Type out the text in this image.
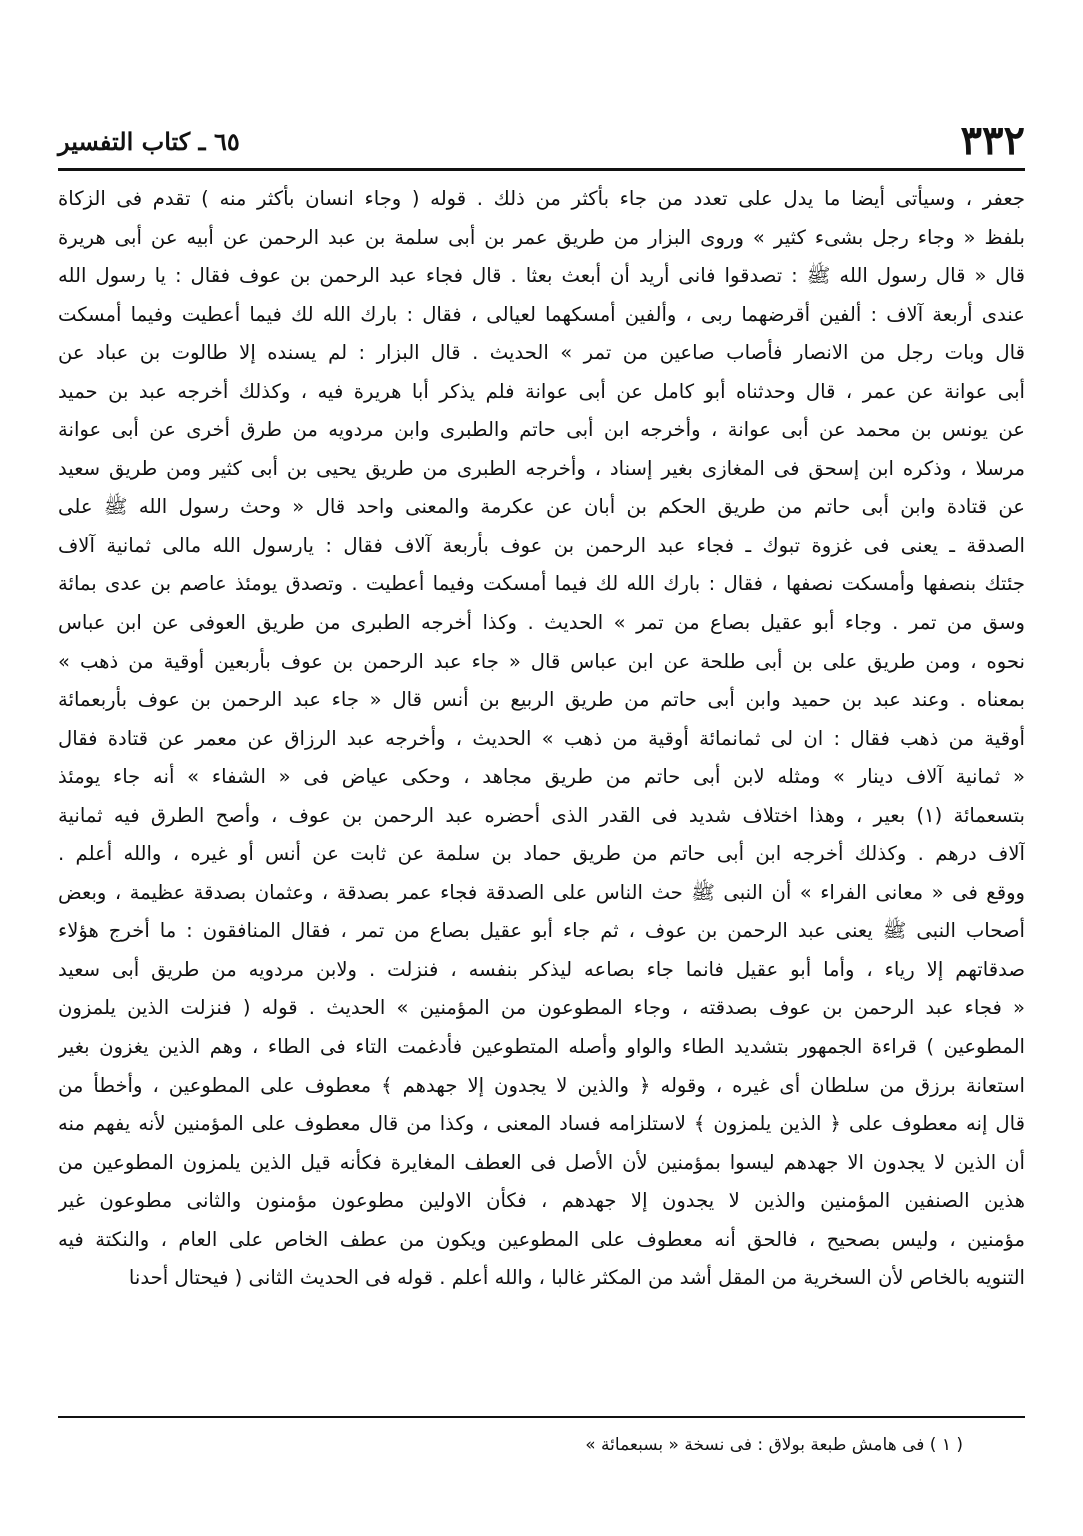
٣٣٢
٦٥ ـ كتاب التفسير
جعفر ، وسيأتى أيضا ما يدل على تعدد من جاء بأكثر من ذلك . قوله ( وجاء انسان بأكثر منه ) تقدم فى الزكاة
بلفظ « وجاء رجل بشىء كثير » وروى البزار من طريق عمر بن أبى سلمة بن عبد الرحمن عن أبيه عن أبى هريرة
قال « قال رسول الله ﷺ : تصدقوا فانى أريد أن أبعث بعثا . قال فجاء عبد الرحمن بن عوف فقال : يا رسول الله
عندى أربعة آلاف : ألفين أقرضهما ربى ، وألفين أمسكهما لعيالى ، فقال : بارك الله لك فيما أعطيت وفيما أمسكت
قال وبات رجل من الانصار فأصاب صاعين من تمر » الحديث . قال البزار : لم يسنده إلا طالوت بن عباد عن
أبى عوانة عن عمر ، قال وحدثناه أبو كامل عن أبى عوانة فلم يذكر أبا هريرة فيه ، وكذلك أخرجه عبد بن حميد
عن يونس بن محمد عن أبى عوانة ، وأخرجه ابن أبى حاتم والطبرى وابن مردويه من طرق أخرى عن أبى عوانة
مرسلا ، وذكره ابن إسحق فى المغازى بغير إسناد ، وأخرجه الطبرى من طريق يحيى بن أبى كثير ومن طريق سعيد
عن قتادة وابن أبى حاتم من طريق الحكم بن أبان عن عكرمة والمعنى واحد قال « وحث رسول الله ﷺ على
الصدقة ـ يعنى فى غزوة تبوك ـ فجاء عبد الرحمن بن عوف بأربعة آلاف فقال : يارسول الله مالى ثمانية آلاف
جئتك بنصفها وأمسكت نصفها ، فقال : بارك الله لك فيما أمسكت وفيما أعطيت . وتصدق يومئذ عاصم بن عدى بمائة
وسق من تمر . وجاء أبو عقيل بصاع من تمر » الحديث . وكذا أخرجه الطبرى من طريق العوفى عن ابن عباس
نحوه ، ومن طريق على بن أبى طلحة عن ابن عباس قال « جاء عبد الرحمن بن عوف بأربعين أوقية من ذهب »
بمعناه . وعند عبد بن حميد وابن أبى حاتم من طريق الربيع بن أنس قال « جاء عبد الرحمن بن عوف بأربعمائة
أوقية من ذهب فقال : ان لى ثمانمائة أوقية من ذهب » الحديث ، وأخرجه عبد الرزاق عن معمر عن قتادة فقال
« ثمانية آلاف دينار » ومثله لابن أبى حاتم من طريق مجاهد ، وحكى عياض فى « الشفاء » أنه جاء يومئذ
بتسعمائة (١) بعير ، وهذا اختلاف شديد فى القدر الذى أحضره عبد الرحمن بن عوف ، وأصح الطرق فيه ثمانية
آلاف درهم . وكذلك أخرجه ابن أبى حاتم من طريق حماد بن سلمة عن ثابت عن أنس أو غيره ، والله أعلم .
ووقع فى « معانى الفراء » أن النبى ﷺ حث الناس على الصدقة فجاء عمر بصدقة ، وعثمان بصدقة عظيمة ، وبعض
أصحاب النبى ﷺ يعنى عبد الرحمن بن عوف ، ثم جاء أبو عقيل بصاع من تمر ، فقال المنافقون : ما أخرج هؤلاء
صدقاتهم إلا رياء ، وأما أبو عقيل فانما جاء بصاعه ليذكر بنفسه ، فنزلت . ولابن مردويه من طريق أبى سعيد
« فجاء عبد الرحمن بن عوف بصدقته ، وجاء المطوعون من المؤمنين » الحديث . قوله ( فنزلت الذين يلمزون
المطوعين ) قراءة الجمهور بتشديد الطاء والواو وأصله المتطوعين فأدغمت التاء فى الطاء ، وهم الذين يغزون بغير
استعانة برزق من سلطان أى غيره ، وقوله ﴿ والذين لا يجدون إلا جهدهم ﴾ معطوف على المطوعين ، وأخطأ من
قال إنه معطوف على ﴿ الذين يلمزون ﴾ لاستلزامه فساد المعنى ، وكذا من قال معطوف على المؤمنين لأنه يفهم منه
أن الذين لا يجدون الا جهدهم ليسوا بمؤمنين لأن الأصل فى العطف المغايرة فكأنه قيل الذين يلمزون المطوعين من
هذين الصنفين المؤمنين والذين لا يجدون إلا جهدهم ، فكأن الاولين مطوعون مؤمنون والثانى مطوعون غير
مؤمنين ، وليس بصحيح ، فالحق أنه معطوف على المطوعين ويكون من عطف الخاص على العام ، والنكتة فيه
التنويه بالخاص لأن السخرية من المقل أشد من المكثر غالبا ، والله أعلم . قوله فى الحديث الثانى ( فيحتال أحدنا
( ١ ) فى هامش طبعة بولاق : فى نسخة « بسبعمائة »
